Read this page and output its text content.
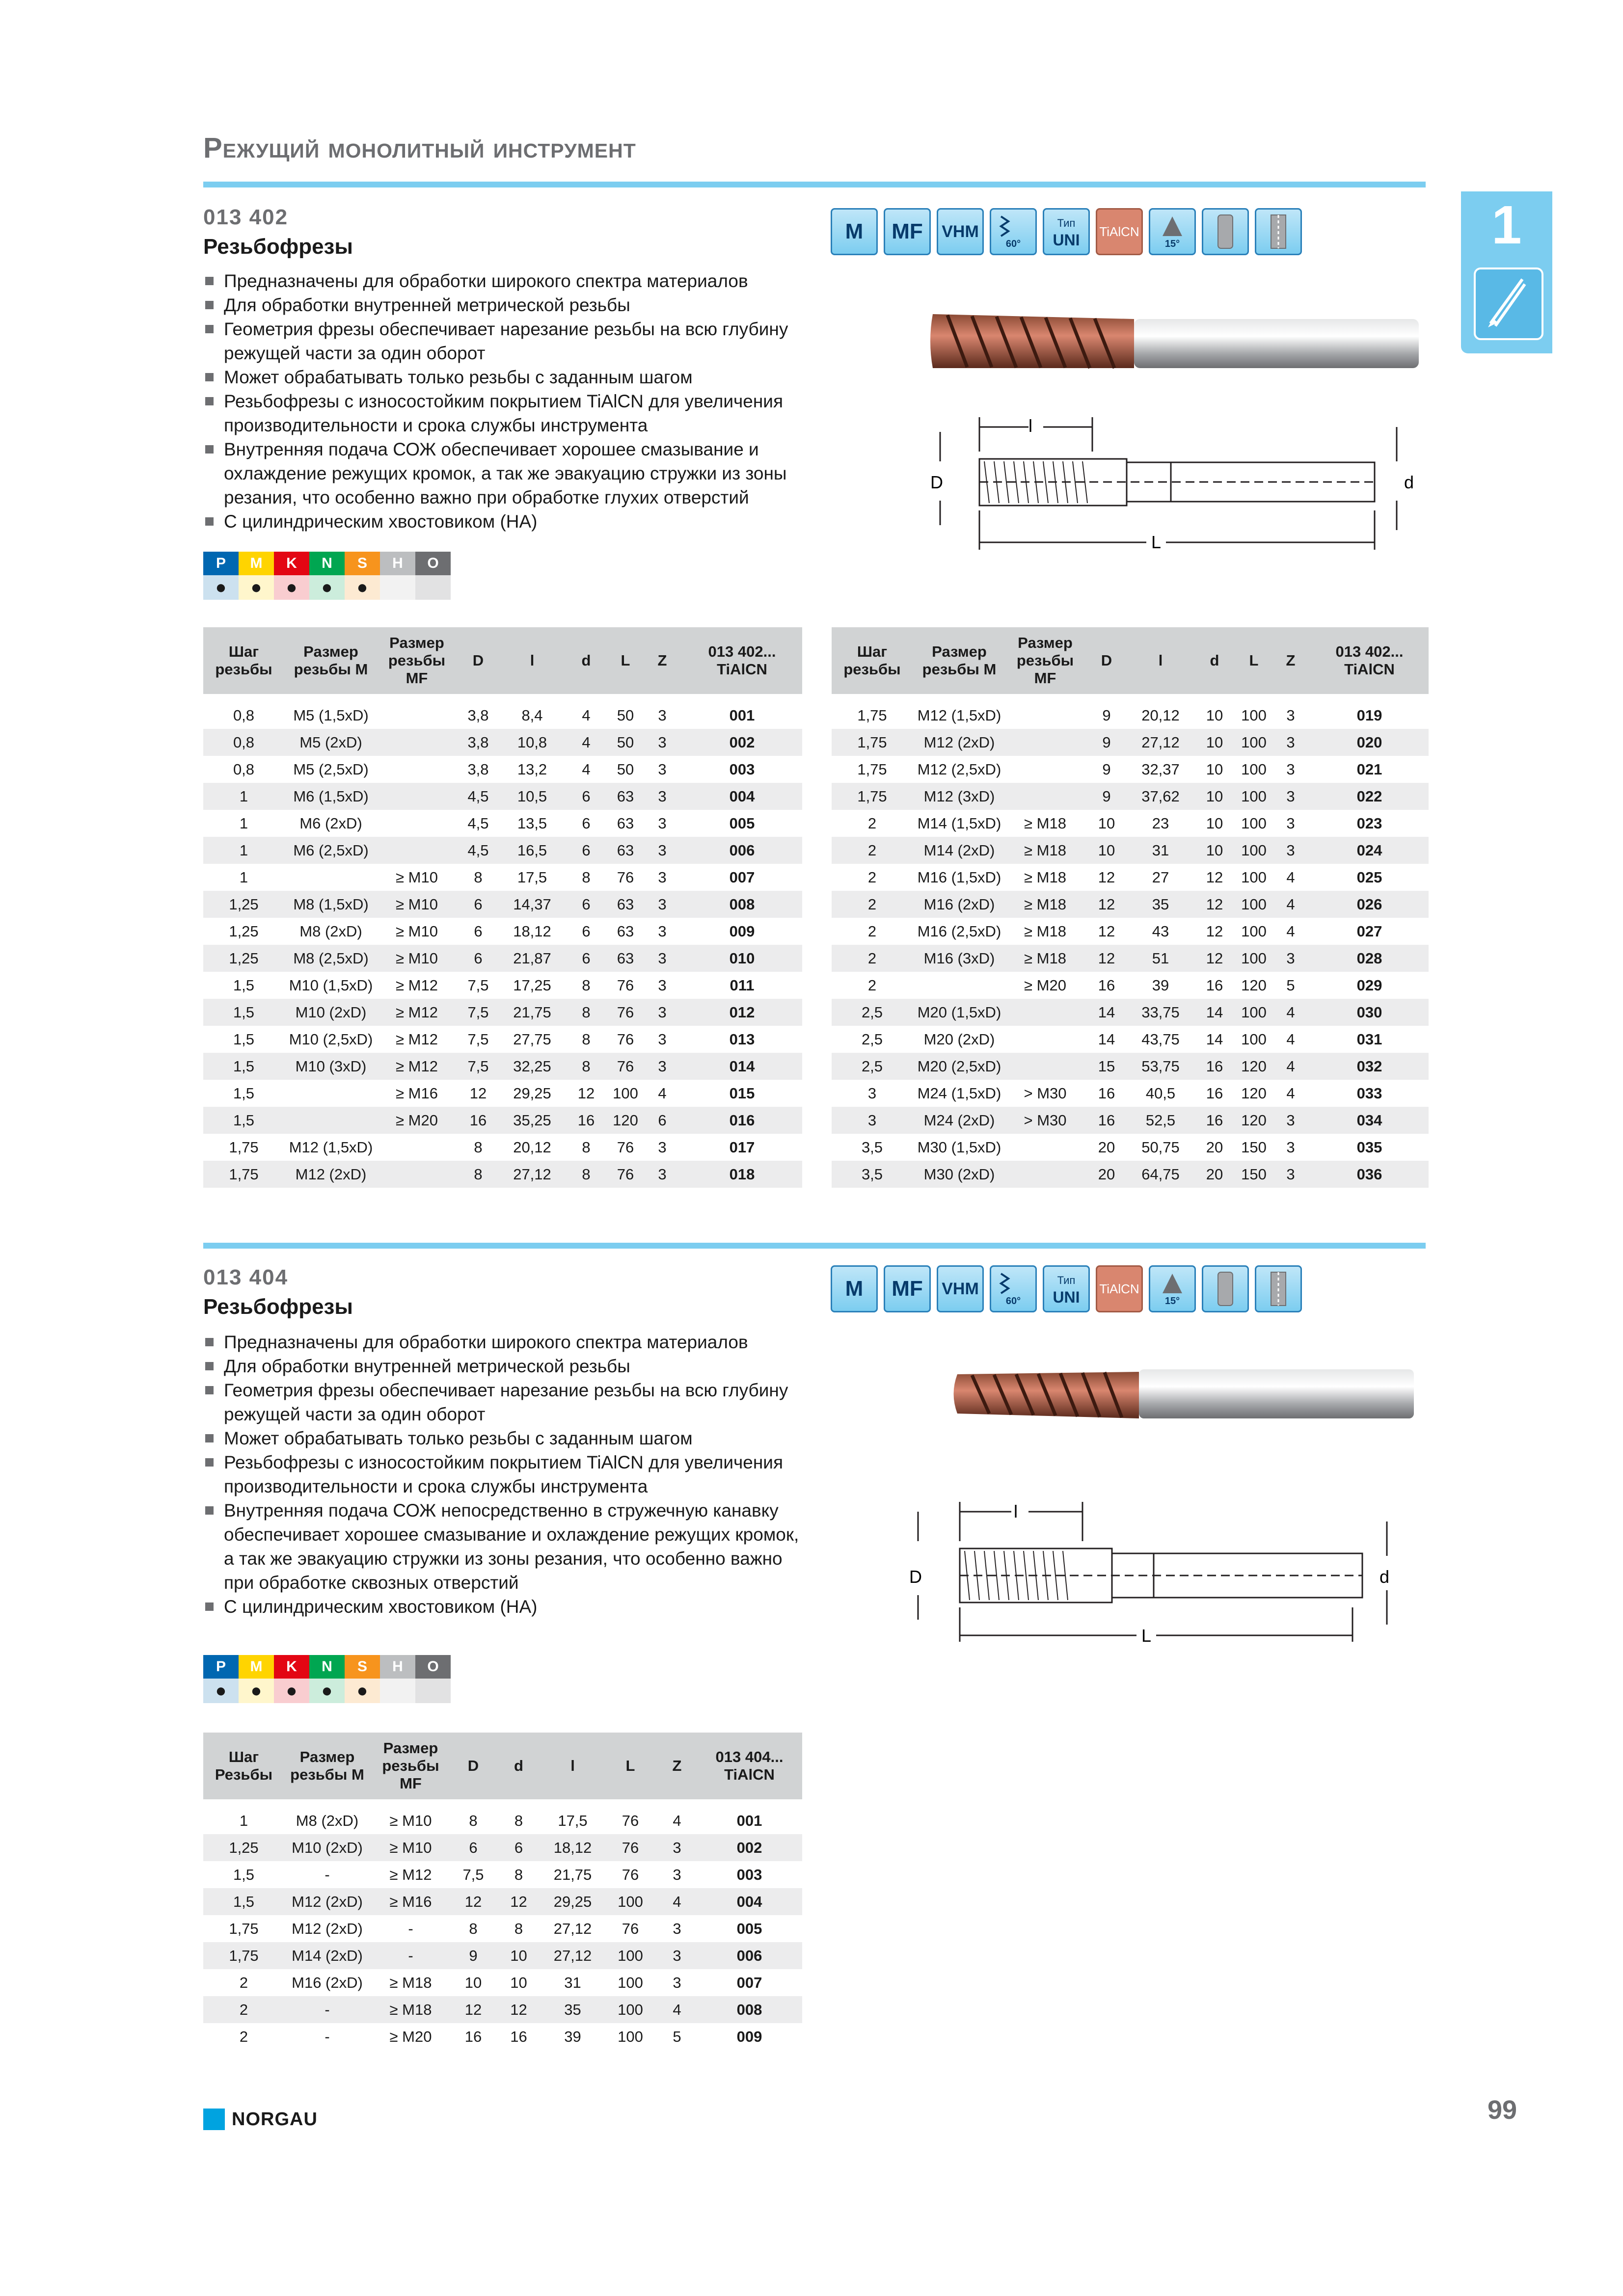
Режущий монолитный инструмент
1
013 402
Резьбофрезы
Предназначены для обработки широкого спектра материалов
Для обработки внутренней метрической резьбы
Геометрия фрезы обеспечивает нарезание резьбы на всю глубину режущей части за один оборот
Может обрабатывать только резьбы с заданным шагом
Резьбофрезы с износостойким покрытием TiAlCN для увеличения производительности и срока службы инструмента
Внутренняя подача СОЖ обеспечивает хорошее смазывание и охлаждение режущих кромок, а так же эвакуацию стружки из зоны резания, что особенно важно при обработке глухих отверстий
С цилиндрическим хвостовиком (HA)
M	MF	VHM
60°
Тип
UNI TiAlCN
15°
l
D	d
L
P	M	K	N	S	H	O
●	●	●	●	●
Шаг резьбы	Размер резьбы M	Размер резьбы MF	D	l	d	L	Z	013 402... TiAlCN
0,8	M5 (1,5xD)		3,8	8,4	4	50	3	001
0,8	M5 (2xD)		3,8	10,8	4	50	3	002
0,8	M5 (2,5xD)		3,8	13,2	4	50	3	003
1	M6 (1,5xD)		4,5	10,5	6	63	3	004
1	M6 (2xD)		4,5	13,5	6	63	3	005
1	M6 (2,5xD)		4,5	16,5	6	63	3	006
1		≥ M10	8	17,5	8	76	3	007
1,25	M8 (1,5xD)	≥ M10	6	14,37	6	63	3	008
1,25	M8 (2xD)	≥ M10	6	18,12	6	63	3	009
1,25	M8 (2,5xD)	≥ M10	6	21,87	6	63	3	010
1,5	M10 (1,5xD)	≥ M12	7,5	17,25	8	76	3	011
1,5	M10 (2xD)	≥ M12	7,5	21,75	8	76	3	012
1,5	M10 (2,5xD)	≥ M12	7,5	27,75	8	76	3	013
1,5	M10 (3xD)	≥ M12	7,5	32,25	8	76	3	014
1,5		≥ M16	12	29,25	12	100	4	015
1,5		≥ M20	16	35,25	16	120	6	016
1,75	M12 (1,5xD)		8	20,12	8	76	3	017
1,75	M12 (2xD)		8	27,12	8	76	3	018
Шаг резьбы	Размер резьбы M	Размер резьбы MF	D	l	d	L	Z	013 402... TiAlCN
1,75	M12 (1,5xD)		9	20,12	10	100	3	019
1,75	M12 (2xD)		9	27,12	10	100	3	020
1,75	M12 (2,5xD)		9	32,37	10	100	3	021
1,75	M12 (3xD)		9	37,62	10	100	3	022
2	M14 (1,5xD)	≥ M18	10	23	10	100	3	023
2	M14 (2xD)	≥ M18	10	31	10	100	3	024
2	M16 (1,5xD)	≥ M18	12	27	12	100	4	025
2	M16 (2xD)	≥ M18	12	35	12	100	4	026
2	M16 (2,5xD)	≥ M18	12	43	12	100	4	027
2	M16 (3xD)	≥ M18	12	51	12	100	3	028
2		≥ M20	16	39	16	120	5	029
2,5	M20 (1,5xD)		14	33,75	14	100	4	030
2,5	M20 (2xD)		14	43,75	14	100	4	031
2,5	M20 (2,5xD)		15	53,75	16	120	4	032
3	M24 (1,5xD)	> M30	16	40,5	16	120	4	033
3	M24 (2xD)	> M30	16	52,5	16	120	3	034
3,5	M30 (1,5xD)		20	50,75	20	150	3	035
3,5	M30 (2xD)		20	64,75	20	150	3	036
013 404
Резьбофрезы
Предназначены для обработки широкого спектра материалов
Для обработки внутренней метрической резьбы
Геометрия фрезы обеспечивает нарезание резьбы на всю глубину режущей части за один оборот
Может обрабатывать только резьбы с заданным шагом
Резьбофрезы с износостойким покрытием TiAlCN для увеличения производительности и срока службы инструмента
Внутренняя подача СОЖ непосредственно в стружечную канавку обеспечивает хорошее смазывание и охлаждение режущих кромок, а так же эвакуацию стружки из зоны резания, что особенно важно при обработке сквозных отверстий
С цилиндрическим хвостовиком (HA)
M	MF	VHM
60°
Тип
UNI TiAlCN
15°
l
D	d
L
P	M	K	N	S	H	O
●	●	●	●	●
Шаг Резьбы	Размер резьбы M	Размер резьбы MF	D	d	l	L	Z	013 404... TiAlCN
1	M8 (2xD)	≥ M10	8	8	17,5	76	4	001
1,25	M10 (2xD)	≥ M10	6	6	18,12	76	3	002
1,5	-	≥ M12	7,5	8	21,75	76	3	003
1,5	M12 (2xD)	≥ M16	12	12	29,25	100	4	004
1,75	M12 (2xD)	-	8	8	27,12	76	3	005
1,75	M14 (2xD)	-	9	10	27,12	100	3	006
2	M16 (2xD)	≥ M18	10	10	31	100	3	007
2	-	≥ M18	12	12	35	100	4	008
2	-	≥ M20	16	16	39	100	5	009
NORGAU	99
